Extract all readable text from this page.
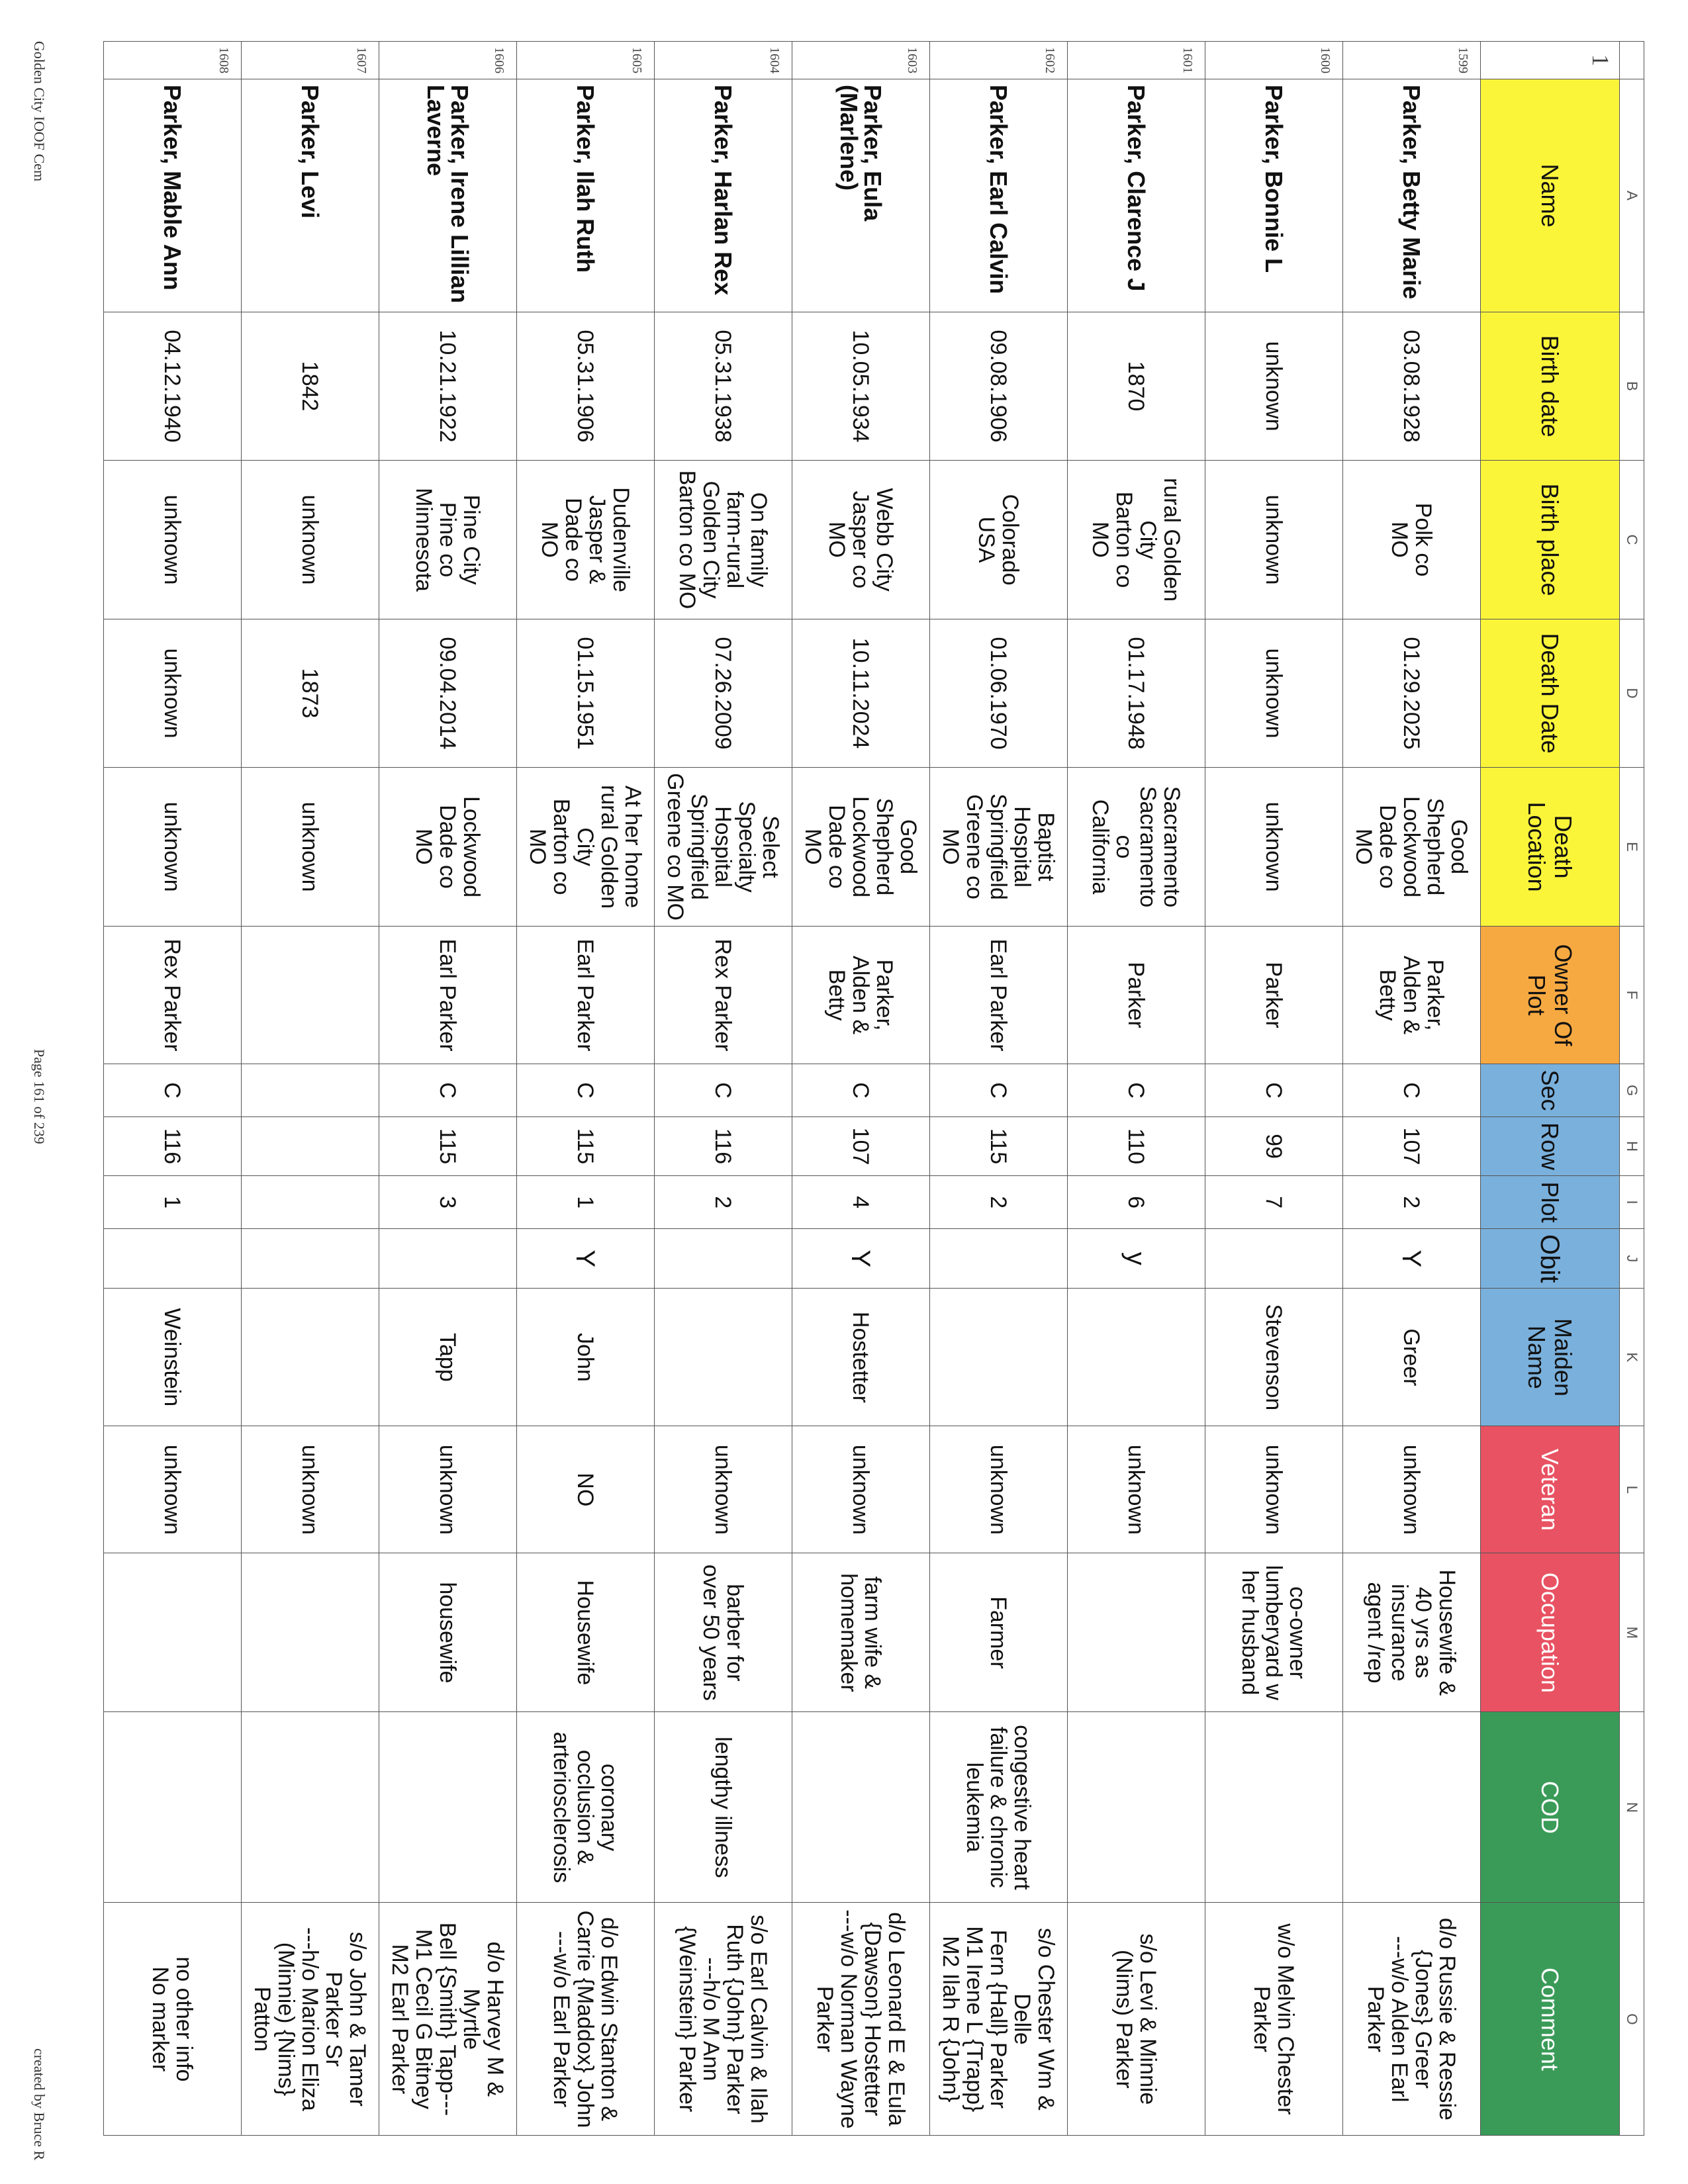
Golden City IOOF Cem
Page 161 of 239
created by Bruce R
	A	B	C	D	E	F	G	H	I	J	K	L	M	N	O
1	Name	Birth date	Birth place	Death Date	Death Location	Owner Of Plot	Sec	Row	Plot	Obit	Maiden Name	Veteran	Occupation	COD	Comment
1599	Parker, Betty Marie	03.08.1928	Polk co
MO	01.29.2025	Good
Shepherd
Lockwood
Dade co
MO	Parker,
Alden &
Betty	C	107	2	Y	Greer	unknown	Housewife &
40 yrs as
insurance
agent /rep		d/o Russie & Ressie
{Jones} Greer
---w/o Alden Earl
Parker
1600	Parker, Bonnie L	unknown	unknown	unknown	unknown	Parker	C	99	7		Stevenson	unknown	co-owner
lumberyard w
her husband		w/o Melvin Chester
Parker
1601	Parker, Clarence J	1870	rural Golden
City
Barton co
MO	01.17.1948	Sacramento
Sacramento
co
California	Parker	C	110	6	y		unknown			s/o Levi & Minnie
(Nims) Parker
1602	Parker, Earl Calvin	09.08.1906	Colorado
USA	01.06.1970	Baptist
Hospital
Springfield
Greene co
MO	Earl Parker	C	115	2			unknown	Farmer	congestive heart
failure & chronic
leukemia	s/o Chester Wm & Delle
Fern {Hall} Parker
M1 Irene L {Trapp}
M2 Ilah R {John}
1603	Parker, Eula
(Marlene)	10.05.1934	Webb City
Jasper co
MO	10.11.2024	Good
Shepherd
Lockwood
Dade co
MO	Parker,
Alden &
Betty	C	107	4	Y	Hostetter	unknown	farm wife &
homemaker		d/o Leonard E & Eula
{Dawson} Hostetter
---w/o Norman Wayne
Parker
1604	Parker, Harlan Rex	05.31.1938	On family
farm-rural
Golden City
Barton co MO	07.26.2009	Select
Specialty
Hospital
Springfield
Greene co MO	Rex Parker	C	116	2			unknown	barber for
over 50 years	lengthy illness	s/o Earl Calvin & Ilah
Ruth {John} Parker
---h/o M Ann
{Weinstein} Parker
1605	Parker, Ilah Ruth	05.31.1906	Dudenville
Jasper &
Dade co
MO	01.15.1951	At her home
rural Golden
City
Barton co
MO	Earl Parker	C	115	1	Y	John	NO	Housewife	coronary
occlusion &
arteriosclerosis	d/o Edwin Stanton &
Carrie {Maddox} John
---w/o Earl Parker
1606	Parker, Irene Lillian
Laverne	10.21.1922	Pine City
Pine co
Minnesota	09.04.2014	Lockwood
Dade co
MO	Earl Parker	C	115	3		Tapp	unknown	housewife		d/o Harvey M & Myrtle
Bell {Smith} Tapp---
M1 Cecil G Bitney
M2 Earl Parker
1607	Parker, Levi	1842	unknown	1873	unknown							unknown			s/o John & Tamer
Parker Sr
---h/o Marion Eliza
(Minnie) {Nims} Patton
1608	Parker, Mable Ann	04.12.1940	unknown	unknown	unknown	Rex Parker	C	116	1		Weinstein	unknown			no other info
No marker
